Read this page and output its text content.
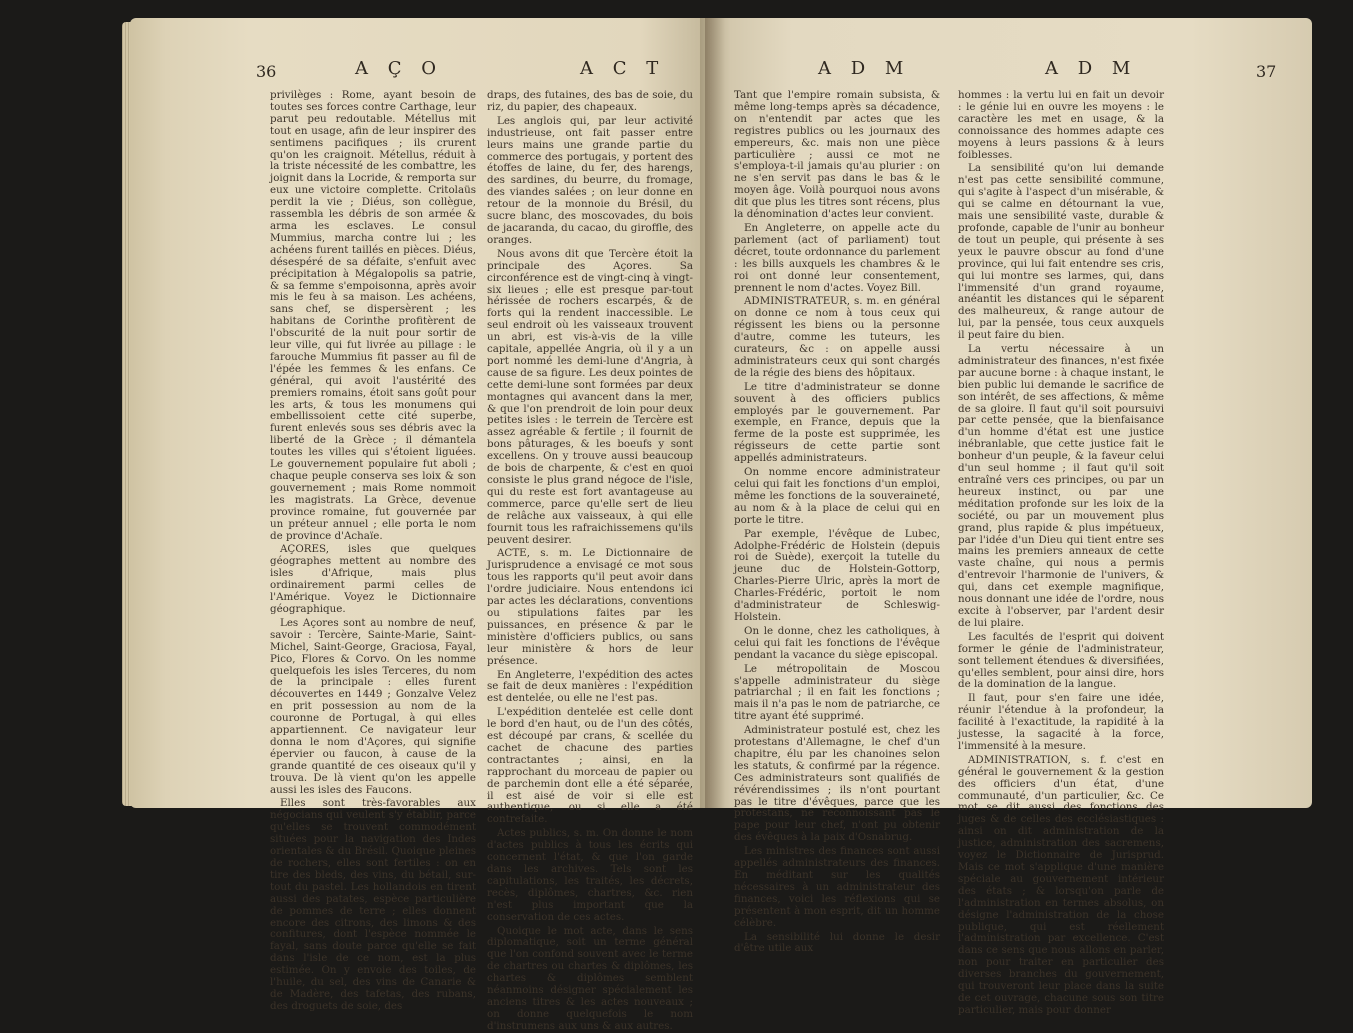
36	A Ç O	A C T

privilèges : Rome, ayant besoin de toutes ses forces contre Carthage, leur parut peu redoutable. Métellus mit tout en usage, afin de leur inspirer des sentimens pacifiques ; ils crurent qu'on les craignoit. Métellus, réduit à la triste nécessité de les combattre, les joignit dans la Locride, & remporta sur eux une victoire complette. Critolaüs perdit la vie ; Diéus, son collègue, rassembla les débris de son armée & arma les esclaves. Le consul Mummius, marcha contre lui ; les achéens furent taillés en pièces. Diéus, désespéré de sa défaite, s'enfuit avec précipitation à Mégalopolis sa patrie, & sa femme s'empoisonna, après avoir mis le feu à sa maison. Les achéens, sans chef, se dispersèrent ; les habitans de Corinthe profitèrent de l'obscurité de la nuit pour sortir de leur ville, qui fut livrée au pillage : le farouche Mummius fit passer au fil de l'épée les femmes & les enfans. Ce général, qui avoit l'austérité des premiers romains, étoit sans goût pour les arts, & tous les monumens qui embellissoient cette cité superbe, furent enlevés sous ses débris avec la liberté de la Grèce ; il démantela toutes les villes qui s'étoient liguées. Le gouvernement populaire fut aboli ; chaque peuple conserva ses loix & son gouvernement ; mais Rome nommoit les magistrats. La Grèce, devenue province romaine, fut gouvernée par un préteur annuel ; elle porta le nom de province d'Achaïe.

AÇORES, isles que quelques géographes mettent au nombre des isles d'Afrique, mais plus ordinairement parmi celles de l'Amérique. Voyez le Dictionnaire géographique.

Les Açores sont au nombre de neuf, savoir : Tercère, Sainte-Marie, Saint-Michel, Saint-George, Graciosa, Fayal, Pico, Flores & Corvo. On les nomme quelquefois les isles Terceres, du nom de la principale : elles furent découvertes en 1449 ; Gonzalve Velez en prit possession au nom de la couronne de Portugal, à qui elles appartiennent. Ce navigateur leur donna le nom d'Açores, qui signifie épervier ou faucon, à cause de la grande quantité de ces oiseaux qu'il y trouva. De là vient qu'on les appelle aussi les isles des Faucons.

Elles sont très-favorables aux négocians qui veulent s'y établir, parce qu'elles se trouvent commodément situées pour la navigation des Indes orientales & du Brésil. Quoique pleines de rochers, elles sont fertiles : on en tire des bleds, des vins, du bétail, sur-tout du pastel. Les hollandois en tirent aussi des patates, espèce particulière de pommes de terre ; elles donnent encore des citrons, des limons & des confitures, dont l'espèce nommée le fayal, sans doute parce qu'elle se fait dans l'isle de ce nom, est la plus estimée. On y envoie des toiles, de l'huile, du sel, des vins de Canarie & de Madère, des tafetas, des rubans, des droguets de soie, des

draps, des futaines, des bas de soie, du riz, du papier, des chapeaux.

Les anglois qui, par leur activité industrieuse, ont fait passer entre leurs mains une grande partie du commerce des portugais, y portent des étoffes de laine, du fer, des harengs, des sardines, du beurre, du fromage, des viandes salées ; on leur donne en retour de la monnoie du Brésil, du sucre blanc, des moscovades, du bois de jacaranda, du cacao, du giroffle, des oranges.

Nous avons dit que Tercère étoit la principale des Açores. Sa circonférence est de vingt-cinq à vingt-six lieues ; elle est presque par-tout hérissée de rochers escarpés, & de forts qui la rendent inaccessible. Le seul endroit où les vaisseaux trouvent un abri, est vis-à-vis de la ville capitale, appellée Angria, où il y a un port nommé les demi-lune d'Angria, à cause de sa figure. Les deux pointes de cette demi-lune sont formées par deux montagnes qui avancent dans la mer, & que l'on prendroit de loin pour deux petites isles : le terrein de Tercère est assez agréable & fertile ; il fournit de bons pâturages, & les boeufs y sont excellens. On y trouve aussi beaucoup de bois de charpente, & c'est en quoi consiste le plus grand négoce de l'isle, qui du reste est fort avantageuse au commerce, parce qu'elle sert de lieu de relâche aux vaisseaux, à qui elle fournit tous les rafraichissemens qu'ils peuvent desirer.

ACTE, s. m. Le Dictionnaire de Jurisprudence a envisagé ce mot sous tous les rapports qu'il peut avoir dans l'ordre judiciaire. Nous entendons ici par actes les déclarations, conventions ou stipulations faites par les puissances, en présence & par le ministère d'officiers publics, ou sans leur ministère & hors de leur présence.

En Angleterre, l'expédition des actes se fait de deux manières : l'expédition est dentelée, ou elle ne l'est pas.

L'expédition dentelée est celle dont le bord d'en haut, ou de l'un des côtés, est découpé par crans, & scellée du cachet de chacune des parties contractantes ; ainsi, en la rapprochant du morceau de papier ou de parchemin dont elle a été séparée, il est aisé de voir si elle est authentique, ou si elle a été contrefaite.

Actes publics, s. m. On donne le nom d'actes publics à tous les écrits qui concernent l'état, & que l'on garde dans les archives. Tels sont les capitulations, les traités, les décrets, recès, diplômes, chartres, &c. rien n'est plus important que la conservation de ces actes.

Quoique le mot acte, dans le sens diplomatique, soit un terme général que l'on confond souvent avec le terme de chartres ou chartes & diplômes, les chartes & diplômes semblent néanmoins désigner spécialement les anciens titres & les actes nouveaux ; on donne quelquefois le nom d'instrumens aux uns & aux autres.

A D M	A D M	37

Tant que l'empire romain subsista, & même long-temps après sa décadence, on n'entendit par actes que les registres publics ou les journaux des empereurs, &c. mais non une pièce particulière ; aussi ce mot ne s'employa-t-il jamais qu'au plurier : on ne s'en servit pas dans le bas & le moyen âge. Voilà pourquoi nous avons dit que plus les titres sont récens, plus la dénomination d'actes leur convient.

En Angleterre, on appelle acte du parlement (act of parliament) tout décret, toute ordonnance du parlement : les bills auxquels les chambres & le roi ont donné leur consentement, prennent le nom d'actes. Voyez Bill.

ADMINISTRATEUR, s. m. en général on donne ce nom à tous ceux qui régissent les biens ou la personne d'autre, comme les tuteurs, les curateurs, &c : on appelle aussi administrateurs ceux qui sont chargés de la régie des biens des hôpitaux.

Le titre d'administrateur se donne souvent à des officiers publics employés par le gouvernement. Par exemple, en France, depuis que la ferme de la poste est supprimée, les régisseurs de cette partie sont appellés administrateurs.

On nomme encore administrateur celui qui fait les fonctions d'un emploi, même les fonctions de la souveraineté, au nom & à la place de celui qui en porte le titre.

Par exemple, l'évêque de Lubec, Adolphe-Frédéric de Holstein (depuis roi de Suède), exerçoit la tutelle du jeune duc de Holstein-Gottorp, Charles-Pierre Ulric, après la mort de Charles-Frédéric, portoit le nom d'administrateur de Schleswig-Holstein.

On le donne, chez les catholiques, à celui qui fait les fonctions de l'évêque pendant la vacance du siège episcopal.

Le métropolitain de Moscou s'appelle administrateur du siège patriarchal ; il en fait les fonctions ; mais il n'a pas le nom de patriarche, ce titre ayant été supprimé.

Administrateur postulé est, chez les protestans d'Allemagne, le chef d'un chapitre, élu par les chanoines selon les statuts, & confirmé par la régence. Ces administrateurs sont qualifiés de révérendissimes ; ils n'ont pourtant pas le titre d'évêques, parce que les protestans, ne reconnoissant pas le pape pour leur chef, n'ont pu obtenir des évêques à la paix d'Osnabrug.

Les ministres des finances sont aussi appellés administrateurs des finances. En méditant sur les qualités nécessaires à un administrateur des finances, voici les réflexions qui se présentent à mon esprit, dit un homme célèbre.

La sensibilité lui donne le desir d'être utile aux

hommes : la vertu lui en fait un devoir : le génie lui en ouvre les moyens : le caractère les met en usage, & la connoissance des hommes adapte ces moyens à leurs passions & à leurs foiblesses.

La sensibilité qu'on lui demande n'est pas cette sensibilité commune, qui s'agite à l'aspect d'un misérable, & qui se calme en détournant la vue, mais une sensibilité vaste, durable & profonde, capable de l'unir au bonheur de tout un peuple, qui présente à ses yeux le pauvre obscur au fond d'une province, qui lui fait entendre ses cris, qui lui montre ses larmes, qui, dans l'immensité d'un grand royaume, anéantit les distances qui le séparent des malheureux, & range autour de lui, par la pensée, tous ceux auxquels il peut faire du bien.

La vertu nécessaire à un administrateur des finances, n'est fixée par aucune borne : à chaque instant, le bien public lui demande le sacrifice de son intérêt, de ses affections, & même de sa gloire. Il faut qu'il soit poursuivi par cette pensée, que la bienfaisance d'un homme d'état est une justice inébranlable, que cette justice fait le bonheur d'un peuple, & la faveur celui d'un seul homme ; il faut qu'il soit entraîné vers ces principes, ou par un heureux instinct, ou par une méditation profonde sur les loix de la société, ou par un mouvement plus grand, plus rapide & plus impétueux, par l'idée d'un Dieu qui tient entre ses mains les premiers anneaux de cette vaste chaîne, qui nous a permis d'entrevoir l'harmonie de l'univers, & qui, dans cet exemple magnifique, nous donnant une idée de l'ordre, nous excite à l'observer, par l'ardent desir de lui plaire.

Les facultés de l'esprit qui doivent former le génie de l'administrateur, sont tellement étendues & diversifiées, qu'elles semblent, pour ainsi dire, hors de la domination de la langue.

Il faut, pour s'en faire une idée, réunir l'étendue à la profondeur, la facilité à l'exactitude, la rapidité à la justesse, la sagacité à la force, l'immensité à la mesure.

ADMINISTRATION, s. f. c'est en général le gouvernement & la gestion des officiers d'un état, d'une communauté, d'un particulier, &c. Ce mot se dit aussi des fonctions des juges & de celles des ecclésiastiques : ainsi on dit administration de la justice, administration des sacremens, voyez le Dictionnaire de Jurisprud. Mais ce mot s'applique d'une manière spéciale au gouvernement intérieur des états ; & lorsqu'on parle de l'administration en termes absolus, on désigne l'administration de la chose publique, qui est réellement l'administration par excellence. C'est dans ce sens que nous allons en parler, non pour traiter en particulier des diverses branches du gouvernement, qui trouveront leur place dans la suite de cet ouvrage, chacune sous son titre particulier, mais pour donner
